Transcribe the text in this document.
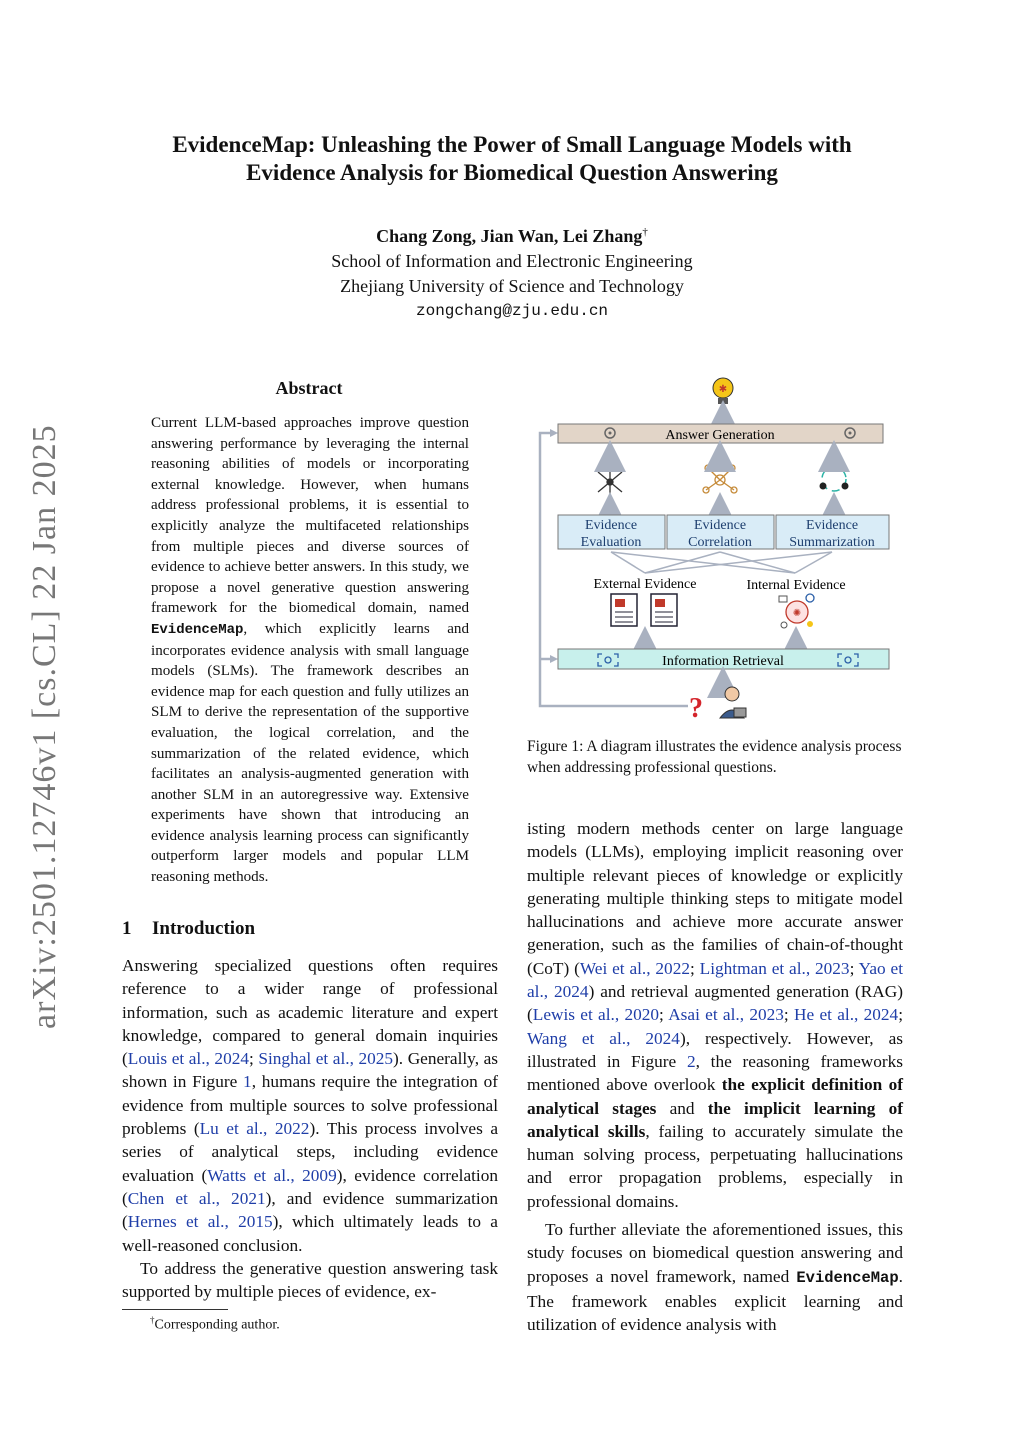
EvidenceMap: Unleashing the Power of Small Language Models with
Evidence Analysis for Biomedical Question Answering
Chang Zong, Jian Wan, Lei Zhang†
School of Information and Electronic Engineering
Zhejiang University of Science and Technology
zongchang@zju.edu.cn
arXiv:2501.12746v1 [cs.CL] 22 Jan 2025
Abstract
Current LLM-based approaches improve question answering performance by leveraging the internal reasoning abilities of models or incorporating external knowledge. However, when humans address professional problems, it is essential to explicitly analyze the multifaceted relationships from multiple pieces and diverse sources of evidence to achieve better answers. In this study, we propose a novel generative question answering framework for the biomedical domain, named EvidenceMap, which explicitly learns and incorporates evidence analysis with small language models (SLMs). The framework describes an evidence map for each question and fully utilizes an SLM to derive the representation of the supportive evaluation, the logical correlation, and the summarization of the related evidence, which facilitates an analysis-augmented generation with another SLM in an autoregressive way. Extensive experiments have shown that introducing an evidence analysis learning process can significantly outperform larger models and popular LLM reasoning methods.
1 Introduction

Answering specialized questions often requires reference to a wider range of professional information, such as academic literature and expert knowledge, compared to general domain inquiries (Louis et al., 2024; Singhal et al., 2025). Generally, as shown in Figure 1, humans require the integration of evidence from multiple sources to solve professional problems (Lu et al., 2022). This process involves a series of analytical steps, including evidence evaluation (Watts et al., 2009), evidence correlation (Chen et al., 2021), and evidence summarization (Hernes et al., 2015), which ultimately leads to a well-reasoned conclusion.

To address the generative question answering task supported by multiple pieces of evidence, ex-

†Corresponding author.
✱
Answer Generation
Evidence
Evaluation
Evidence
Correlation
Evidence
Summarization
External Evidence	Internal Evidence
✺
Information Retrieval
?
Figure 1: A diagram illustrates the evidence analysis process when addressing professional questions.

isting modern methods center on large language models (LLMs), employing implicit reasoning over multiple relevant pieces of knowledge or explicitly generating multiple thinking steps to mitigate model hallucinations and achieve more accurate answer generation, such as the families of chain-of-thought (CoT) (Wei et al., 2022; Lightman et al., 2023; Yao et al., 2024) and retrieval augmented generation (RAG) (Lewis et al., 2020; Asai et al., 2023; He et al., 2024; Wang et al., 2024), respectively. However, as illustrated in Figure 2, the reasoning frameworks mentioned above overlook the explicit definition of analytical stages and the implicit learning of analytical skills, failing to accurately simulate the human solving process, perpetuating hallucinations and error propagation problems, especially in professional domains.

To further alleviate the aforementioned issues, this study focuses on biomedical question answering and proposes a novel framework, named EvidenceMap. The framework enables explicit learning and utilization of evidence analysis with
